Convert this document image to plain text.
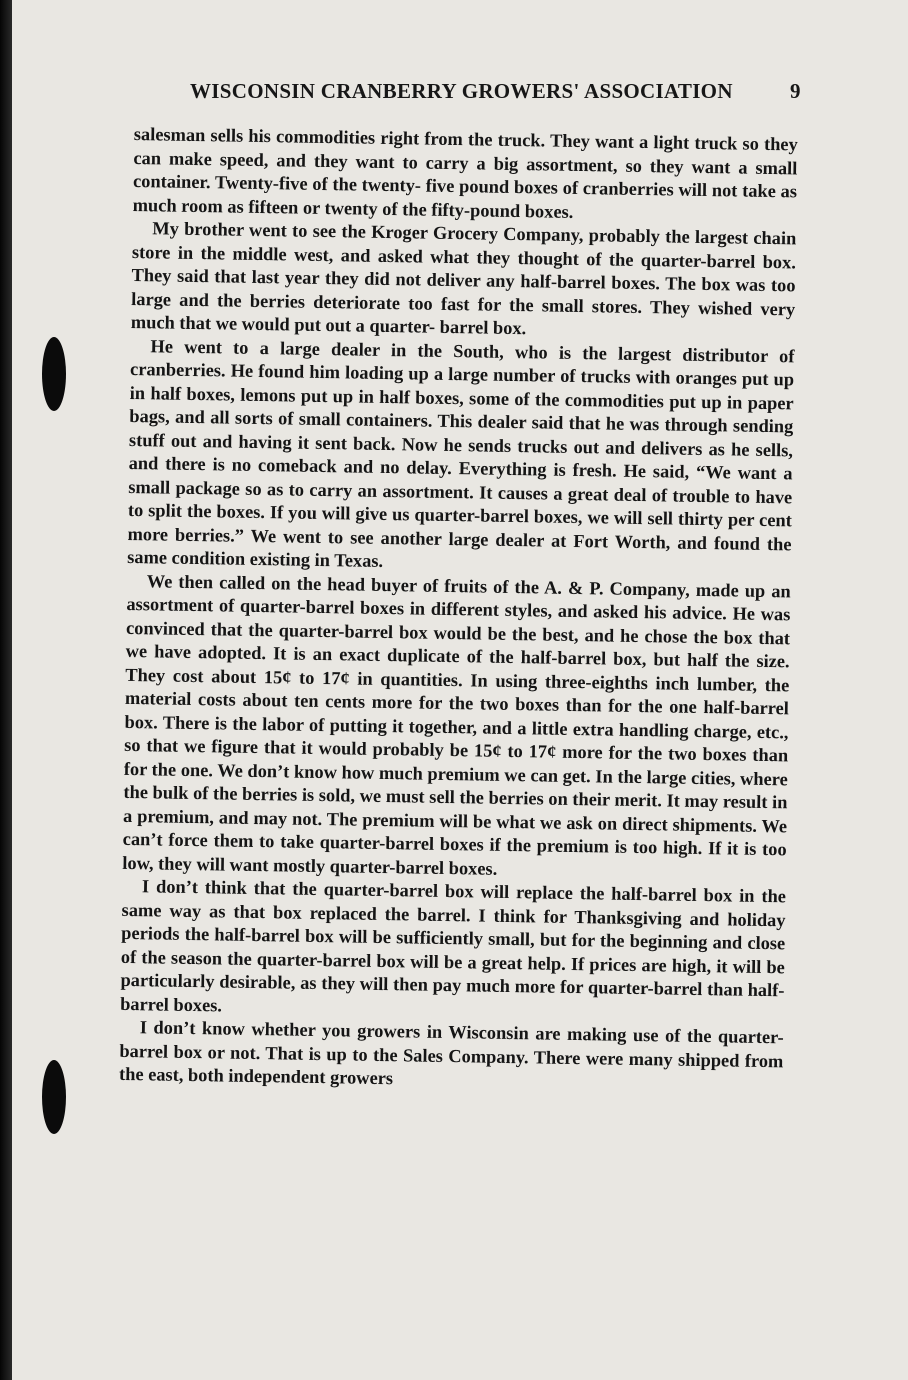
WISCONSIN CRANBERRY GROWERS' ASSOCIATION	9

salesman sells his commodities right from the truck. They want a light truck so they can make speed, and they want to carry a big assortment, so they want a small container. Twenty-five of the twenty- five pound boxes of cranberries will not take as much room as fifteen or twenty of the fifty-pound boxes.

My brother went to see the Kroger Grocery Company, probably the largest chain store in the middle west, and asked what they thought of the quarter-barrel box. They said that last year they did not deliver any half-barrel boxes. The box was too large and the berries deteriorate too fast for the small stores. They wished very much that we would put out a quarter- barrel box.

He went to a large dealer in the South, who is the largest distributor of cranberries. He found him loading up a large number of trucks with oranges put up in half boxes, lemons put up in half boxes, some of the commodities put up in paper bags, and all sorts of small containers. This dealer said that he was through sending stuff out and having it sent back. Now he sends trucks out and delivers as he sells, and there is no comeback and no delay. Everything is fresh. He said, “We want a small package so as to carry an assortment. It causes a great deal of trouble to have to split the boxes. If you will give us quarter-barrel boxes, we will sell thirty per cent more berries.” We went to see another large dealer at Fort Worth, and found the same condition existing in Texas.

We then called on the head buyer of fruits of the A. & P. Company, made up an assortment of quarter-barrel boxes in different styles, and asked his advice. He was convinced that the quarter-barrel box would be the best, and he chose the box that we have adopted. It is an exact duplicate of the half-barrel box, but half the size. They cost about 15¢ to 17¢ in quantities. In using three-eighths inch lumber, the material costs about ten cents more for the two boxes than for the one half-barrel box. There is the labor of putting it together, and a little extra handling charge, etc., so that we figure that it would probably be 15¢ to 17¢ more for the two boxes than for the one. We don’t know how much premium we can get. In the large cities, where the bulk of the berries is sold, we must sell the berries on their merit. It may result in a premium, and may not. The premium will be what we ask on direct shipments. We can’t force them to take quarter-barrel boxes if the premium is too high. If it is too low, they will want mostly quarter-barrel boxes.

I don’t think that the quarter-barrel box will replace the half-barrel box in the same way as that box replaced the barrel. I think for Thanksgiving and holiday periods the half-barrel box will be sufficiently small, but for the beginning and close of the season the quarter-barrel box will be a great help. If prices are high, it will be particularly desirable, as they will then pay much more for quarter-barrel than half-barrel boxes.

I don’t know whether you growers in Wisconsin are making use of the quarter-barrel box or not. That is up to the Sales Company. There were many shipped from the east, both independent growers
